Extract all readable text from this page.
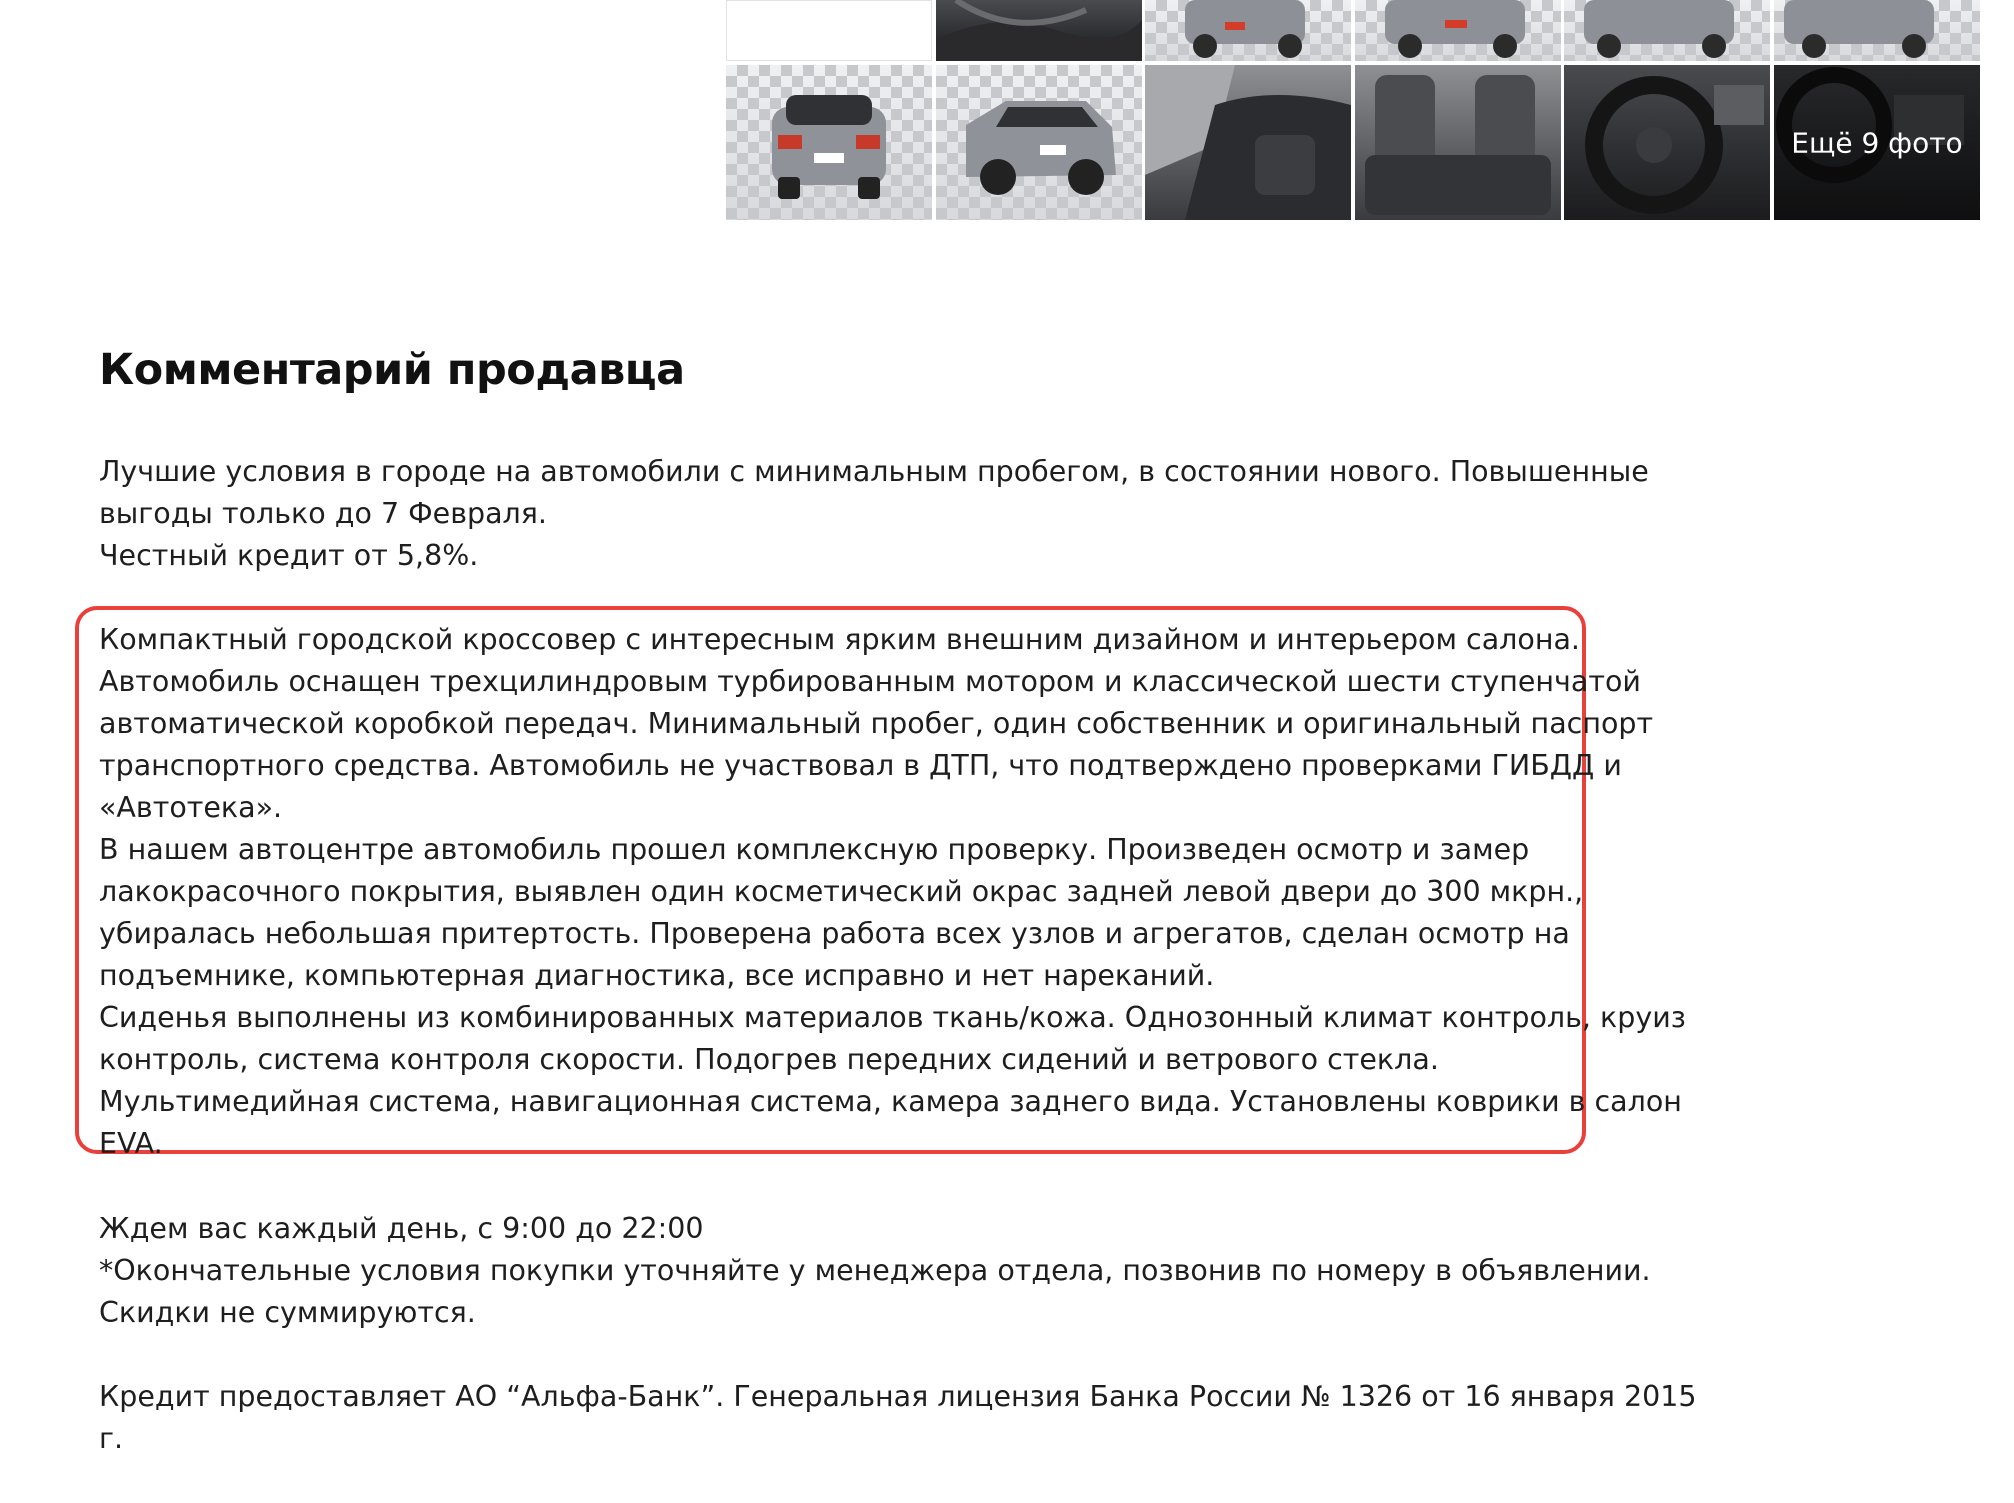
Ещё 9 фото
Комментарий продавца

Лучшие условия в городе на автомобили с минимальным пробегом, в состоянии нового. Повышенные
выгоды только до 7 Февраля.
Честный кредит от 5,8%.

Компактный городской кроссовер с интересным ярким внешним дизайном и интерьером салона.
Автомобиль оснащен трехцилиндровым турбированным мотором и классической шести ступенчатой
автоматической коробкой передач. Минимальный пробег, один собственник и оригинальный паспорт
транспортного средства. Автомобиль не участвовал в ДТП, что подтверждено проверками ГИБДД и
«Автотека».
В нашем автоцентре автомобиль прошел комплексную проверку. Произведен осмотр и замер
лакокрасочного покрытия, выявлен один косметический окрас задней левой двери до 300 мкрн.,
убиралась небольшая притертость. Проверена работа всех узлов и агрегатов, сделан осмотр на
подъемнике, компьютерная диагностика, все исправно и нет нареканий.
Сиденья выполнены из комбинированных материалов ткань/кожа. Однозонный климат контроль, круиз
контроль, система контроля скорости. Подогрев передних сидений и ветрового стекла.
Мультимедийная система, навигационная система, камера заднего вида. Установлены коврики в салон
EVA.

Ждем вас каждый день, с 9:00 до 22:00
*Окончательные условия покупки уточняйте у менеджера отдела, позвонив по номеру в объявлении.
Скидки не суммируются.

Кредит предоставляет АО “Альфа-Банк”. Генеральная лицензия Банка России № 1326 от 16 января 2015
г.
